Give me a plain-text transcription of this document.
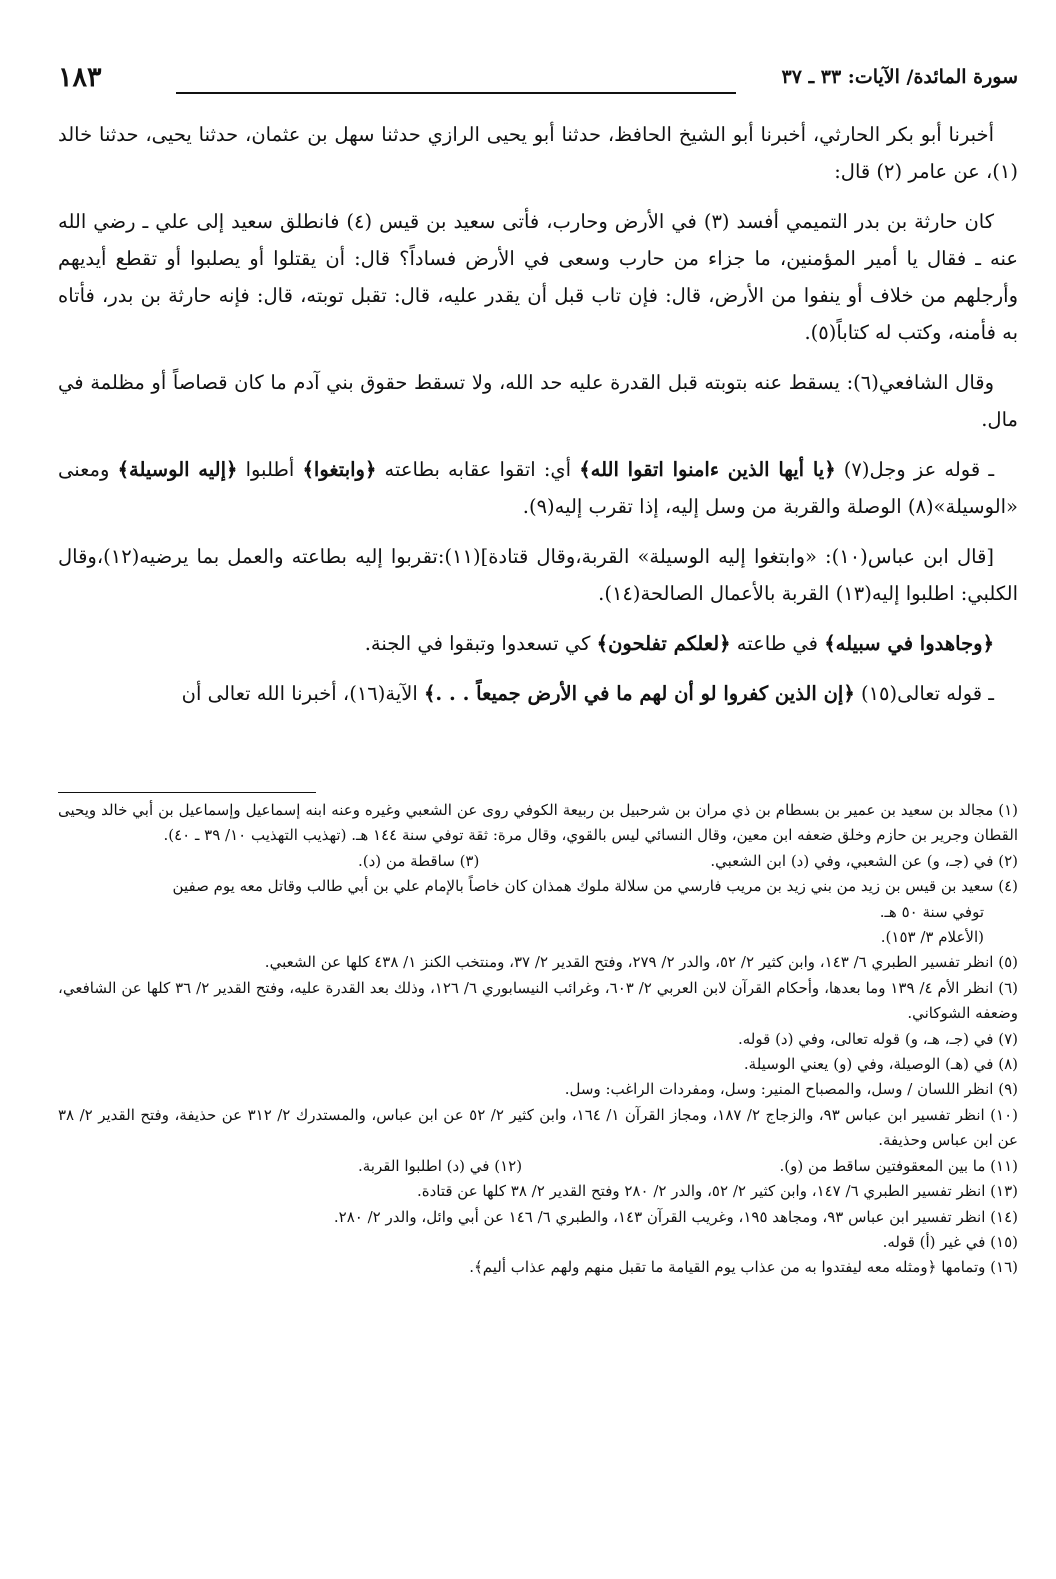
سورة المائدة/ الآيات: ٣٣ ـ ٣٧
١٨٣

أخبرنا أبو بكر الحارثي، أخبرنا أبو الشيخ الحافظ، حدثنا أبو يحيى الرازي حدثنا سهل بن عثمان، حدثنا يحيى، حدثنا خالد (١)، عن عامر (٢) قال:

كان حارثة بن بدر التميمي أفسد (٣) في الأرض وحارب، فأتى سعيد بن قيس (٤) فانطلق سعيد إلى علي ـ رضي الله عنه ـ فقال يا أمير المؤمنين، ما جزاء من حارب وسعى في الأرض فساداً؟ قال: أن يقتلوا أو يصلبوا أو تقطع أيديهم وأرجلهم من خلاف أو ينفوا من الأرض، قال: فإن تاب قبل أن يقدر عليه، قال: تقبل توبته، قال: فإنه حارثة بن بدر، فأتاه به فأمنه، وكتب له كتاباً(٥).

وقال الشافعي(٦): يسقط عنه بتوبته قبل القدرة عليه حد الله، ولا تسقط حقوق بني آدم ما كان قصاصاً أو مظلمة في مال.

ـ قوله عز وجل(٧) ﴿يا أيها الذين ءامنوا اتقوا الله﴾ أي: اتقوا عقابه بطاعته ﴿وابتغوا﴾ أطلبوا ﴿إليه الوسيلة﴾ ومعنى «الوسيلة»(٨) الوصلة والقربة من وسل إليه، إذا تقرب إليه(٩).

[قال ابن عباس(١٠): «وابتغوا إليه الوسيلة» القربة،وقال قتادة](١١):تقربوا إليه بطاعته والعمل بما يرضيه(١٢)،وقال الكلبي: اطلبوا إليه(١٣) القربة بالأعمال الصالحة(١٤).

﴿وجاهدوا في سبيله﴾ في طاعته ﴿لعلكم تفلحون﴾ كي تسعدوا وتبقوا في الجنة.

ـ قوله تعالى(١٥) ﴿إن الذين كفروا لو أن لهم ما في الأرض جميعاً . . .﴾ الآية(١٦)، أخبرنا الله تعالى أن

(١) مجالد بن سعيد بن عمير بن بسطام بن ذي مران بن شرحبيل بن ربيعة الكوفي روى عن الشعبي وغيره وعنه ابنه إسماعيل وإسماعيل بن أبي خالد ويحيى القطان وجرير بن حازم وخلق ضعفه ابن معين، وقال النسائي ليس بالقوي، وقال مرة: ثقة توفي سنة ١٤٤ هـ. (تهذيب التهذيب ١٠/ ٣٩ ـ ٤٠).

(٢) في (جـ، و) عن الشعبي، وفي (د) ابن الشعبي.

(٣) ساقطة من (د).

(٤) سعيد بن قيس بن زيد من بني زيد بن مريب فارسي من سلالة ملوك همذان كان خاصاً بالإمام علي بن أبي طالب وقاتل معه يوم صفين

توفي سنة ٥٠ هـ.

(الأعلام ٣/ ١٥٣).

(٥) انظر تفسير الطبري ٦/ ١٤٣، وابن كثير ٢/ ٥٢، والدر ٢/ ٢٧٩، وفتح القدير ٢/ ٣٧، ومنتخب الكنز ١/ ٤٣٨ كلها عن الشعبي.

(٦) انظر الأم ٤/ ١٣٩ وما بعدها، وأحكام القرآن لابن العربي ٢/ ٦٠٣، وغرائب النيسابوري ٦/ ١٢٦، وذلك بعد القدرة عليه، وفتح القدير ٢/ ٣٦ كلها عن الشافعي، وضعفه الشوكاني.

(٧) في (جـ، هـ، و) قوله تعالى، وفي (د) قوله.

(٨) في (هـ) الوصيلة، وفي (و) يعني الوسيلة.

(٩) انظر اللسان / وسل، والمصباح المنير: وسل، ومفردات الراغب: وسل.

(١٠) انظر تفسير ابن عباس ٩٣، والزجاج ٢/ ١٨٧، ومجاز القرآن ١/ ١٦٤، وابن كثير ٢/ ٥٢ عن ابن عباس، والمستدرك ٢/ ٣١٢ عن حذيفة، وفتح القدير ٢/ ٣٨ عن ابن عباس وحذيفة.

(١١) ما بين المعقوفتين ساقط من (و).

(١٢) في (د) اطلبوا القربة.

(١٣) انظر تفسير الطبري ٦/ ١٤٧، وابن كثير ٢/ ٥٢، والدر ٢/ ٢٨٠ وفتح القدير ٢/ ٣٨ كلها عن قتادة.

(١٤) انظر تفسير ابن عباس ٩٣، ومجاهد ١٩٥، وغريب القرآن ١٤٣، والطبري ٦/ ١٤٦ عن أبي وائل، والدر ٢/ ٢٨٠.

(١٥) في غير (أ) قوله.

(١٦) وتمامها ﴿ومثله معه ليفتدوا به من عذاب يوم القيامة ما تقبل منهم ولهم عذاب أليم﴾.
